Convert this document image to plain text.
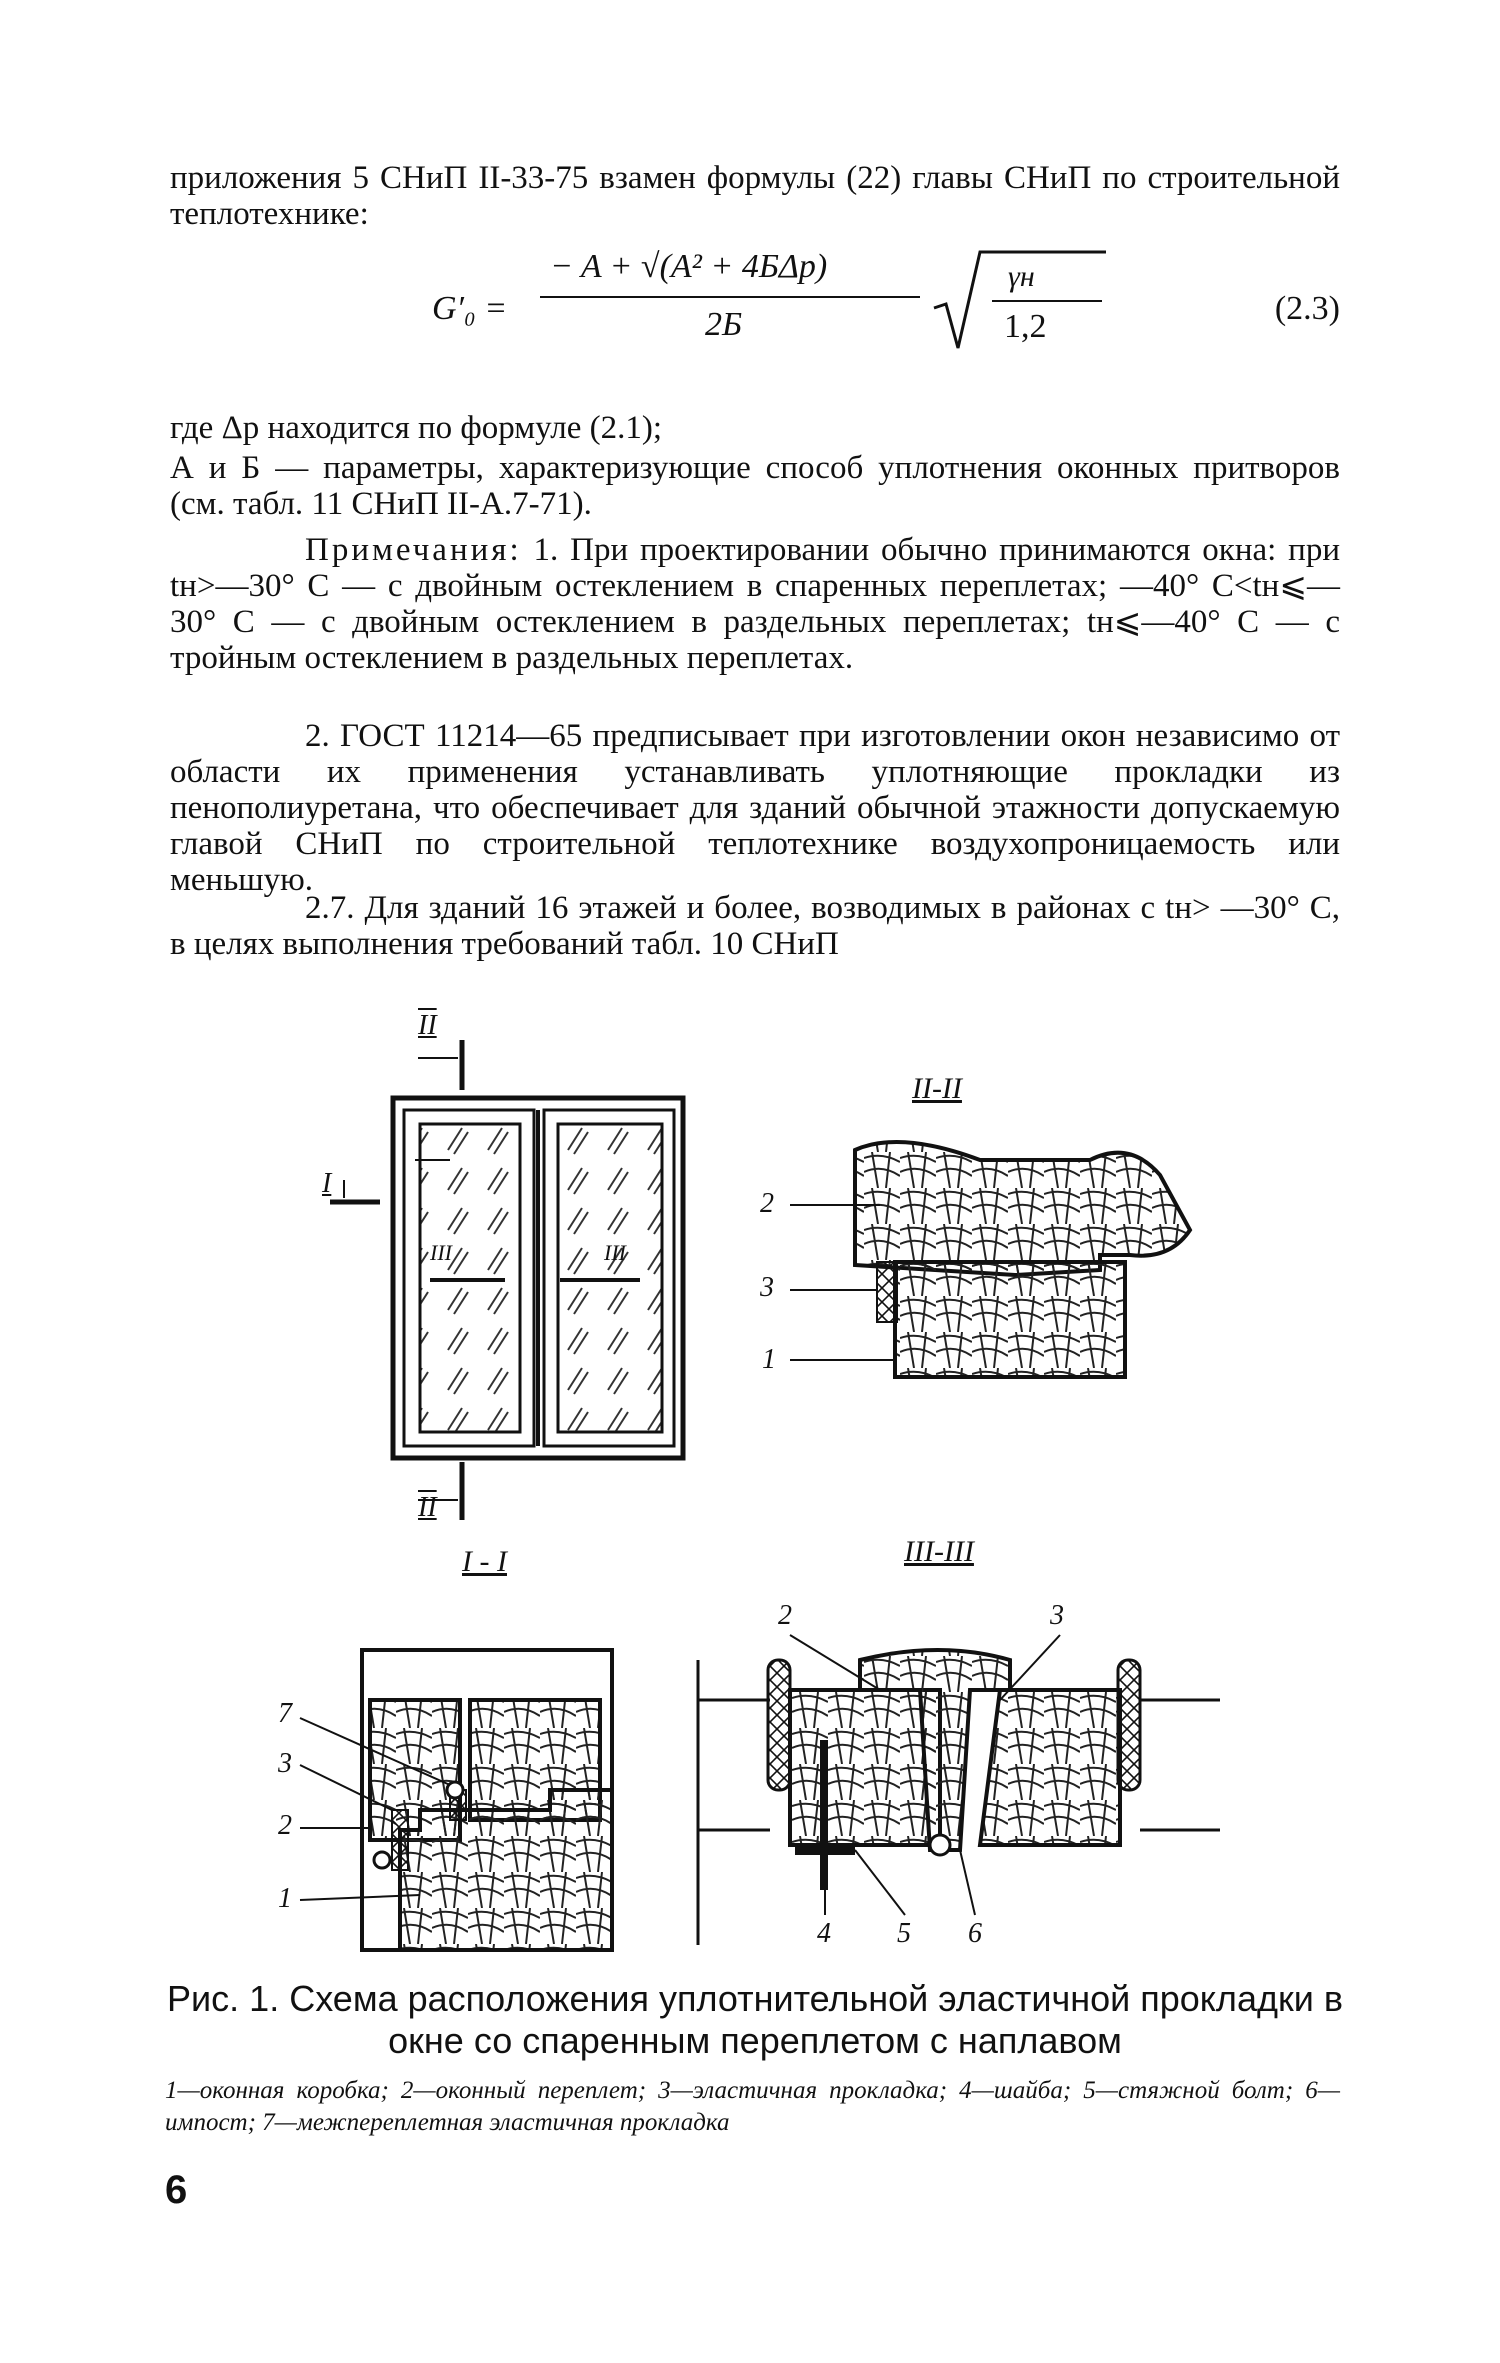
приложения 5 СНиП II-33-75 взамен формулы (22) главы СНиП по строительной теплотехнике:

G′₀ =
− A + √(A² + 4БΔp)
2Б
γн
1,2	(2.3)

где Δp находится по формуле (2.1);

А и Б — параметры, характеризующие способ уплотнения оконных притворов (см. табл. 11 СНиП II-А.7-71).

Примечания: 1. При проектировании обычно принимаются окна: при tн>—30° С — с двойным остеклением в спаренных переплетах; —40° С<tн⩽—30° С — с двойным остеклением в раздельных переплетах; tн⩽—40° С — с тройным остеклением в раздельных переплетах.

2. ГОСТ 11214—65 предписывает при изготовлении окон независимо от области их применения устанавливать уплотняющие прокладки из пенополиуретана, что обеспечивает для зданий обычной этажности допускаемую главой СНиП по строительной теплотехнике воздухопроницаемость или меньшую.

2.7. Для зданий 16 этажей и более, возводимых в районах с tн> —30° С, в целях выполнения требований табл. 10 СНиП

II
II
I
III	III
II-II
I - I	III-III
2
3
1
7
3
2
1
2	3
4 5 6
Рис. 1. Схема расположения уплотнительной эластичной прокладки в окне со спаренным переплетом с наплавом
1—оконная коробка; 2—оконный переплет; 3—эластичная прокладка; 4—шайба; 5—стяжной болт; 6—импост; 7—межпереплетная эластичная прокладка
6
